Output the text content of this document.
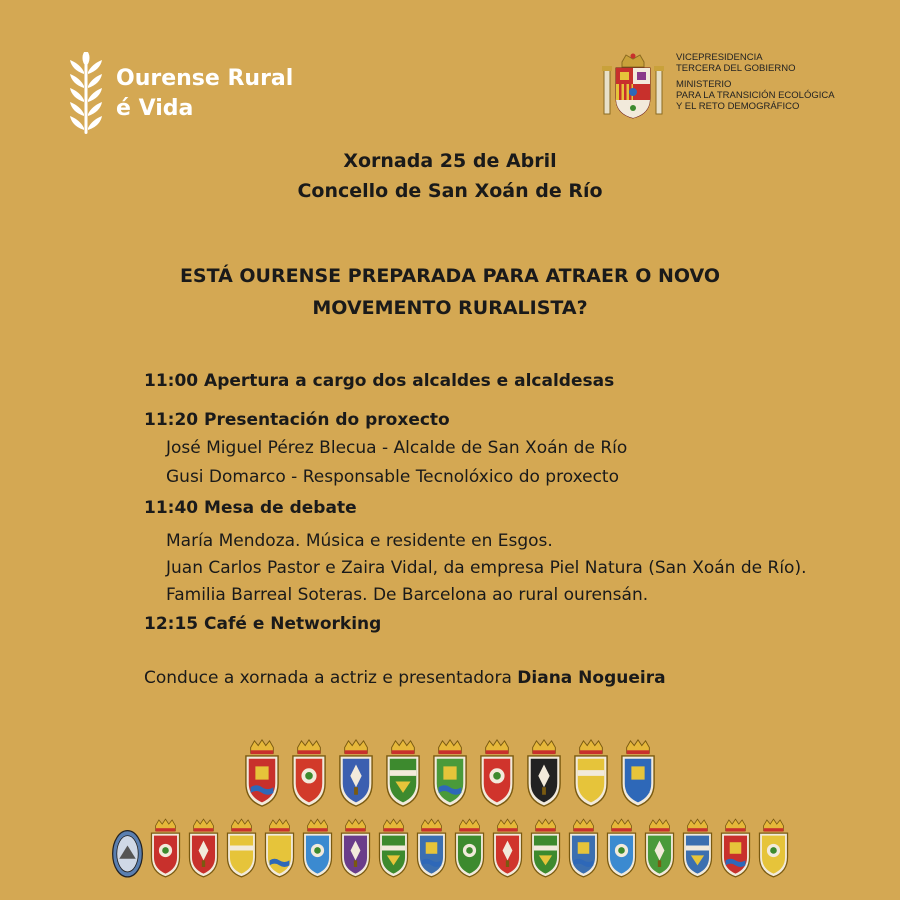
Ourense Rural
é Vida
VICEPRESIDENCIA
TERCERA DEL GOBIERNO
MINISTERIO
PARA LA TRANSICIÓN ECOLÓGICA
Y EL RETO DEMOGRÁFICO
Xornada 25 de Abril
Concello de San Xoán de Río
ESTÁ OURENSE PREPARADA PARA ATRAER O NOVO
MOVEMENTO RURALISTA?
11:00 Apertura a cargo dos alcaldes e alcaldesas
11:20 Presentación do proxecto
José Miguel Pérez Blecua - Alcalde de San Xoán de Río
Gusi Domarco - Responsable Tecnolóxico do proxecto
11:40 Mesa de debate
María Mendoza. Música e residente en Esgos.
Juan Carlos Pastor e Zaira Vidal, da empresa Piel Natura (San Xoán de Río).
Familia Barreal Soteras. De Barcelona ao rural ourensán.
12:15 Café e Networking
Conduce a xornada a actriz e presentadora Diana Nogueira
